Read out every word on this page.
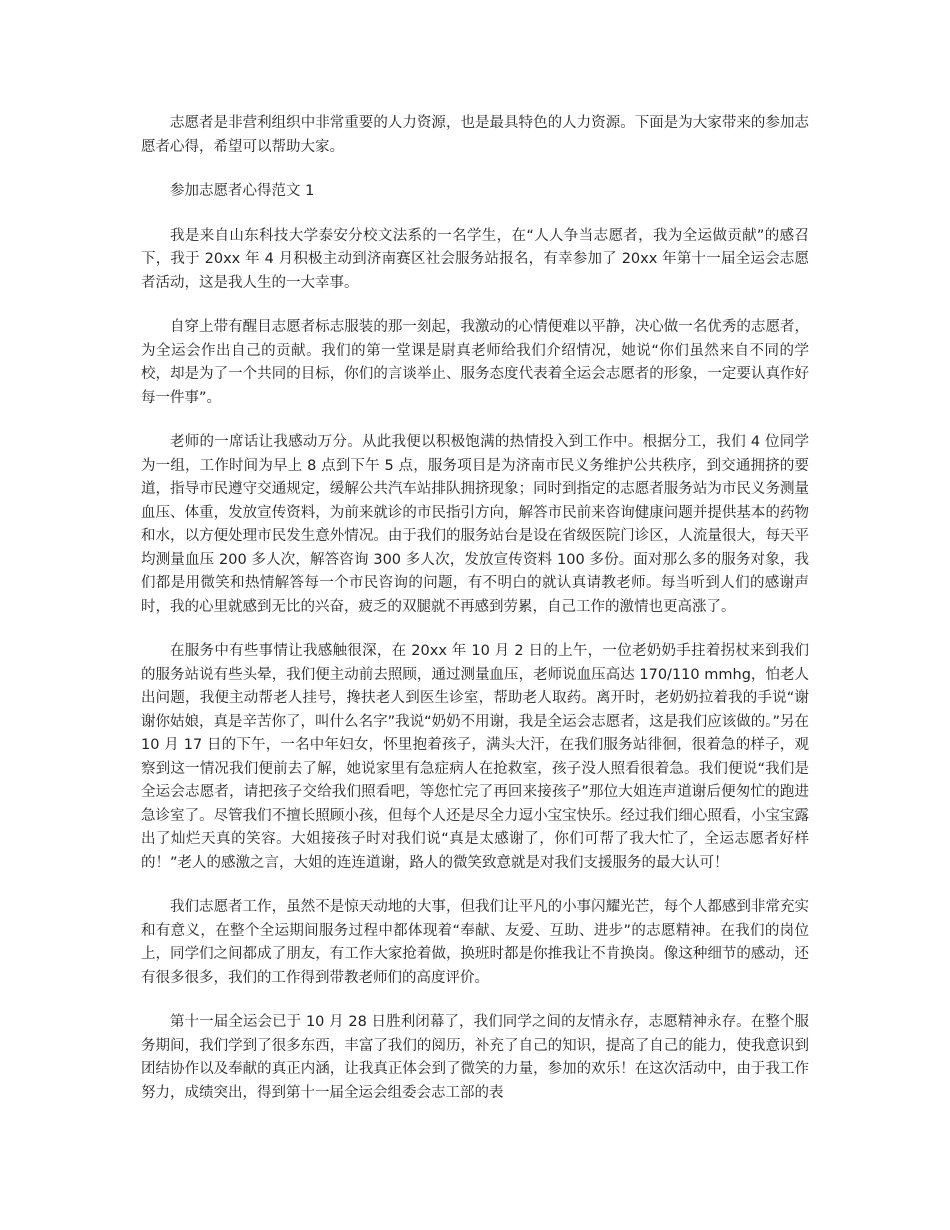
志愿者是非营利组织中非常重要的人力资源，也是最具特色的人力资源。下面是为大家带来的参加志愿者心得，希望可以帮助大家。

参加志愿者心得范文 1

我是来自山东科技大学泰安分校文法系的一名学生，在“人人争当志愿者，我为全运做贡献”的感召下，我于 20xx 年 4 月积极主动到济南赛区社会服务站报名，有幸参加了 20xx 年第十一届全运会志愿者活动，这是我人生的一大幸事。

自穿上带有醒目志愿者标志服装的那一刻起，我激动的心情便难以平静，决心做一名优秀的志愿者，为全运会作出自己的贡献。我们的第一堂课是尉真老师给我们介绍情况，她说“你们虽然来自不同的学校，却是为了一个共同的目标，你们的言谈举止、服务态度代表着全运会志愿者的形象，一定要认真作好每一件事”。

老师的一席话让我感动万分。从此我便以积极饱满的热情投入到工作中。根据分工，我们 4 位同学为一组，工作时间为早上 8 点到下午 5 点，服务项目是为济南市民义务维护公共秩序，到交通拥挤的要道，指导市民遵守交通规定，缓解公共汽车站排队拥挤现象；同时到指定的志愿者服务站为市民义务测量血压、体重，发放宣传资料，为前来就诊的市民指引方向，解答市民前来咨询健康问题并提供基本的药物和水，以方便处理市民发生意外情况。由于我们的服务站台是设在省级医院门诊区，人流量很大，每天平均测量血压 200 多人次，解答咨询 300 多人次，发放宣传资料 100 多份。面对那么多的服务对象，我们都是用微笑和热情解答每一个市民咨询的问题，有不明白的就认真请教老师。每当听到人们的感谢声时，我的心里就感到无比的兴奋，疲乏的双腿就不再感到劳累，自己工作的激情也更高涨了。

在服务中有些事情让我感触很深，在 20xx 年 10 月 2 日的上午，一位老奶奶手拄着拐杖来到我们的服务站说有些头晕，我们便主动前去照顾，通过测量血压，老师说血压高达 170/110 mmhg，怕老人出问题，我便主动帮老人挂号，搀扶老人到医生诊室，帮助老人取药。离开时，老奶奶拉着我的手说“谢谢你姑娘，真是辛苦你了，叫什么名字”我说“奶奶不用谢，我是全运会志愿者，这是我们应该做的。”另在 10 月 17 日的下午，一名中年妇女，怀里抱着孩子，满头大汗，在我们服务站徘徊，很着急的样子，观察到这一情况我们便前去了解，她说家里有急症病人在抢救室，孩子没人照看很着急。我们便说“我们是全运会志愿者，请把孩子交给我们照看吧，等您忙完了再回来接孩子”那位大姐连声道谢后便匆忙的跑进急诊室了。尽管我们不擅长照顾小孩，但每个人还是尽全力逗小宝宝快乐。经过我们细心照看，小宝宝露出了灿烂天真的笑容。大姐接孩子时对我们说“真是太感谢了，你们可帮了我大忙了，全运志愿者好样的！”老人的感激之言，大姐的连连道谢，路人的微笑致意就是对我们支援服务的最大认可！

我们志愿者工作，虽然不是惊天动地的大事，但我们让平凡的小事闪耀光芒，每个人都感到非常充实和有意义，在整个全运期间服务过程中都体现着“奉献、友爱、互助、进步”的志愿精神。在我们的岗位上，同学们之间都成了朋友，有工作大家抢着做，换班时都是你推我让不肯换岗。像这种细节的感动，还有很多很多，我们的工作得到带教老师们的高度评价。

第十一届全运会已于 10 月 28 日胜利闭幕了，我们同学之间的友情永存，志愿精神永存。在整个服务期间，我们学到了很多东西，丰富了我们的阅历，补充了自己的知识，提高了自己的能力，使我意识到团结协作以及奉献的真正内涵，让我真正体会到了微笑的力量，参加的欢乐！在这次活动中，由于我工作努力，成绩突出，得到第十一届全运会组委会志工部的表
